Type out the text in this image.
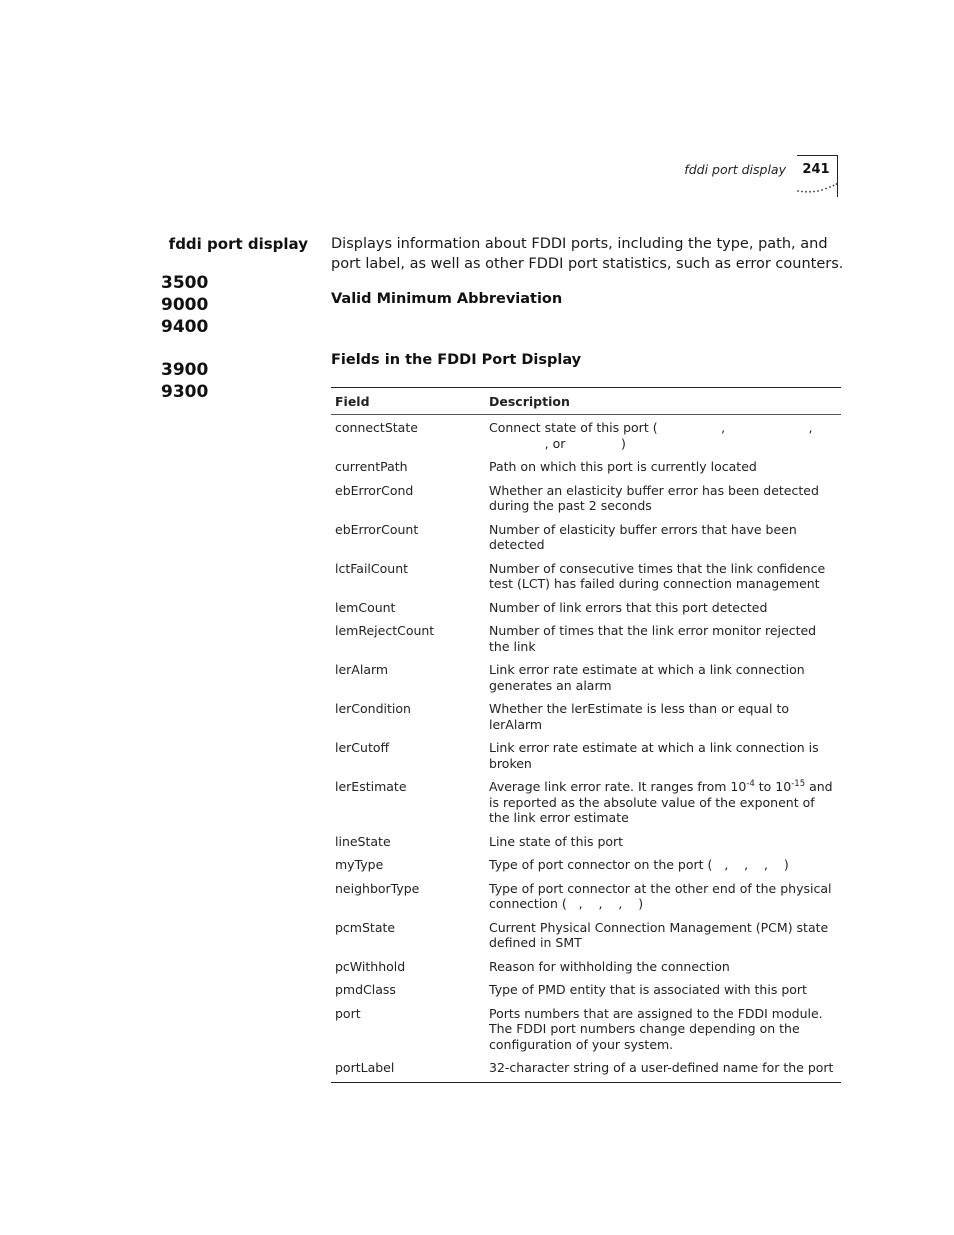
fddi port display	241
fddi port display
3500
9000
9400
3900
9300
Displays information about FDDI ports, including the type, path, and port label, as well as other FDDI port statistics, such as error counters.
Valid Minimum Abbreviation
Fields in the FDDI Port Display
Field	Description
connectState	Connect state of this port (                ,                     ,
, or              )
currentPath	Path on which this port is currently located
ebErrorCond	Whether an elasticity buffer error has been detected during the past 2 seconds
ebErrorCount	Number of elasticity buffer errors that have been detected
lctFailCount	Number of consecutive times that the link confidence test (LCT) has failed during connection management
lemCount	Number of link errors that this port detected
lemRejectCount	Number of times that the link error monitor rejected the link
lerAlarm	Link error rate estimate at which a link connection generates an alarm
lerCondition	Whether the lerEstimate is less than or equal to lerAlarm
lerCutoff	Link error rate estimate at which a link connection is broken
lerEstimate	Average link error rate. It ranges from $10^{-4}$ to $10^{-15}$ and is reported as the absolute value of the exponent of the link error estimate
lineState	Line state of this port
myType	Type of port connector on the port (   ,    ,    ,    )
neighborType	Type of port connector at the other end of the physical connection (   ,    ,    ,    )
pcmState	Current Physical Connection Management (PCM) state defined in SMT
pcWithhold	Reason for withholding the connection
pmdClass	Type of PMD entity that is associated with this port
port	Ports numbers that are assigned to the FDDI module. The FDDI port numbers change depending on the configuration of your system.
portLabel	32-character string of a user-defined name for the port
